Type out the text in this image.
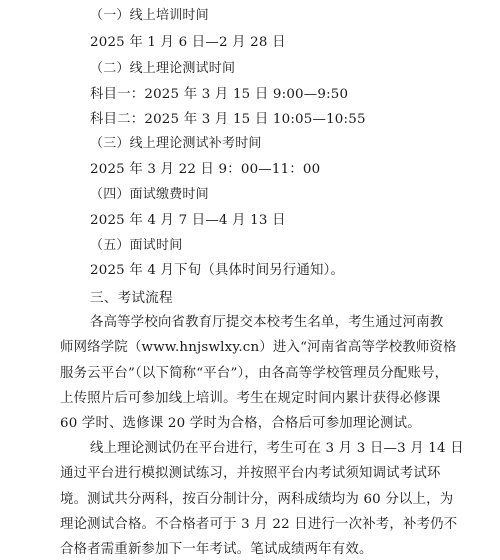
（一）线上培训时间
2025 年 1 月 6 日—2 月 28 日
（二）线上理论测试时间
科目一：2025 年 3 月 15 日 9:00—9:50
科目二：2025 年 3 月 15 日 10:05—10:55
（三）线上理论测试补考时间
2025 年 3 月 22 日 9：00—11：00
（四）面试缴费时间
2025 年 4 月 7 日—4 月 13 日
（五）面试时间
2025 年 4 月下旬（具体时间另行通知）。
三、考试流程
各高等学校向省教育厅提交本校考生名单，考生通过河南教
师网络学院（www.hnjswlxy.cn）进入“河南省高等学校教师资格
服务云平台”（以下简称“平台”），由各高等学校管理员分配账号，
上传照片后可参加线上培训。考生在规定时间内累计获得必修课
60 学时、选修课 20 学时为合格，合格后可参加理论测试。
线上理论测试仍在平台进行，考生可在 3 月 3 日—3 月 14 日
通过平台进行模拟测试练习，并按照平台内考试须知调试考试环
境。测试共分两科，按百分制计分，两科成绩均为 60 分以上，为
理论测试合格。不合格者可于 3 月 22 日进行一次补考，补考仍不
合格者需重新参加下一年考试。笔试成绩两年有效。
